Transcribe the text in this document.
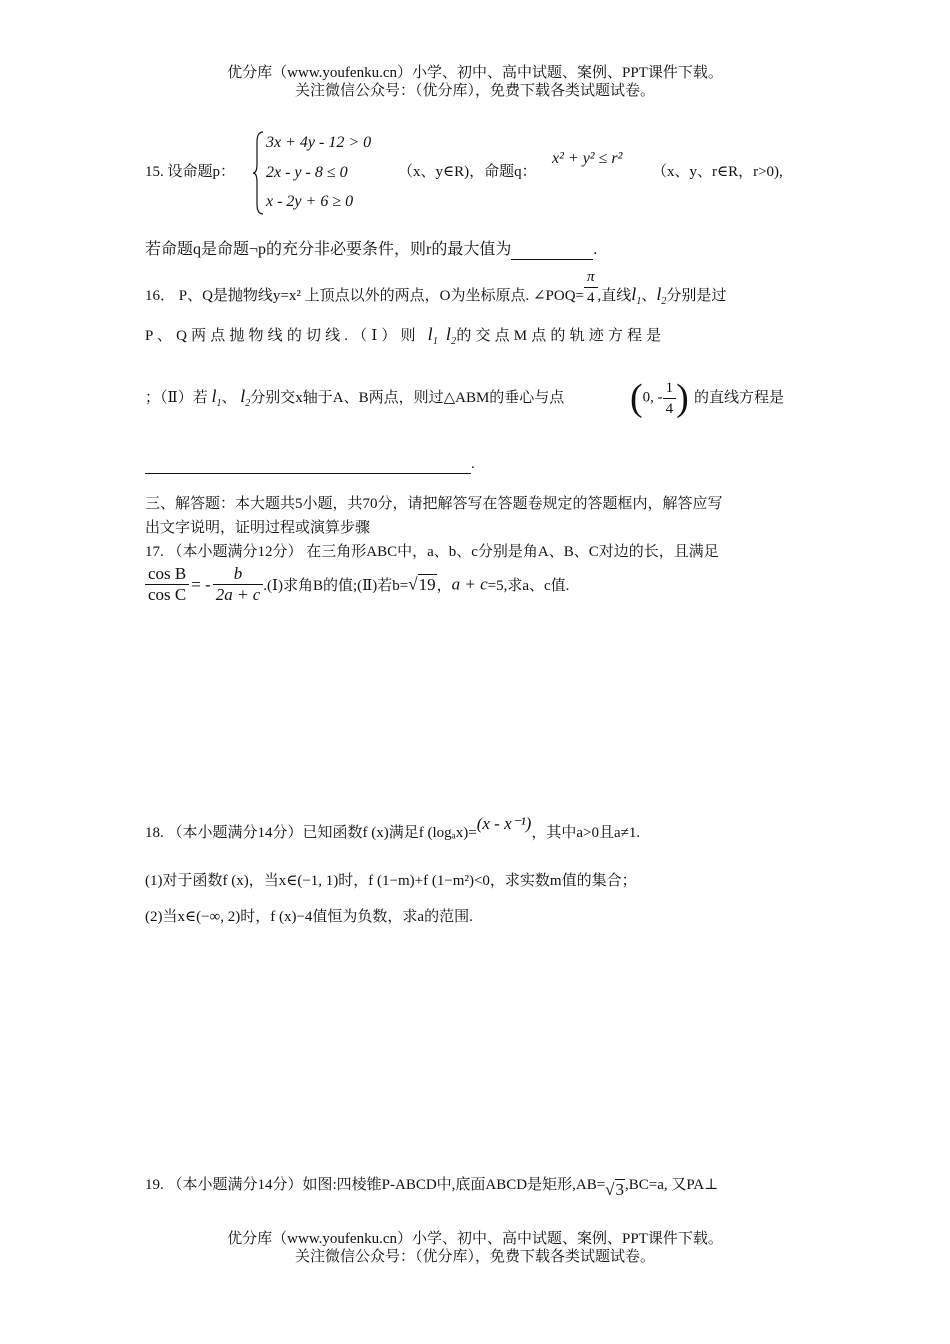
优分库（www.youfenku.cn）小学、初中、高中试题、案例、PPT课件下载。
关注微信公众号：（优分库），免费下载各类试题试卷。
15. 设命题p：
3x + 4y - 12 > 0
2x - y - 8 ≤ 0
x - 2y + 6 ≥ 0
（x、y∈R)，命题q：
x² + y² ≤ r²
（x、y、r∈R，r>0),
若命题q是命题¬p的充分非必要条件，则r的最大值为	.
16． P、Q是抛物线y=x² 上顶点以外的两点，O为坐标原点. ∠POQ= $\frac{\pi}{4}$ ,直线$l_1$、$l_2$分别是过
P 、 Q 两 点 抛 物 线 的 切 线 . （ Ⅰ ） 则 $l_1$ $l_2$的 交 点 M 点 的 轨 迹 方 程 是
；（Ⅱ）若 $l_1$、 $l_2$分别交x轴于A、B两点，则过△ABM的垂心与点 (0, - $\frac{1}{4}$ ) 的直线方程是
.
三、解答题：本大题共5小题，共70分，请把解答写在答题卷规定的答题框内，解答应写
出文字说明，证明过程或演算步骤
17. （本小题满分12分） 在三角形ABC中，a、b、c分别是角A、B、C对边的长，且满足
$\frac{\text{cos B}}{\text{cos C}}$ = - $\frac{b}{2a + c}$ .(Ⅰ)求角B的值;(Ⅱ)若b=√19，a + c=5,求a、c值.
18. （本小题满分14分）已知函数f (x)满足f (logₐx)=(x - x⁻¹)，其中a>0且a≠1.
(1)对于函数f (x)，当x∈(−1, 1)时，f (1−m)+f (1−m²)<0，求实数m值的集合；
(2)当x∈(−∞, 2)时，f (x)−4值恒为负数，求a的范围.
19. （本小题满分14分）如图:四棱锥P-ABCD中,底面ABCD是矩形,AB=√3,BC=a, 又PA⊥
优分库（www.youfenku.cn）小学、初中、高中试题、案例、PPT课件下载。
关注微信公众号：（优分库），免费下载各类试题试卷。
